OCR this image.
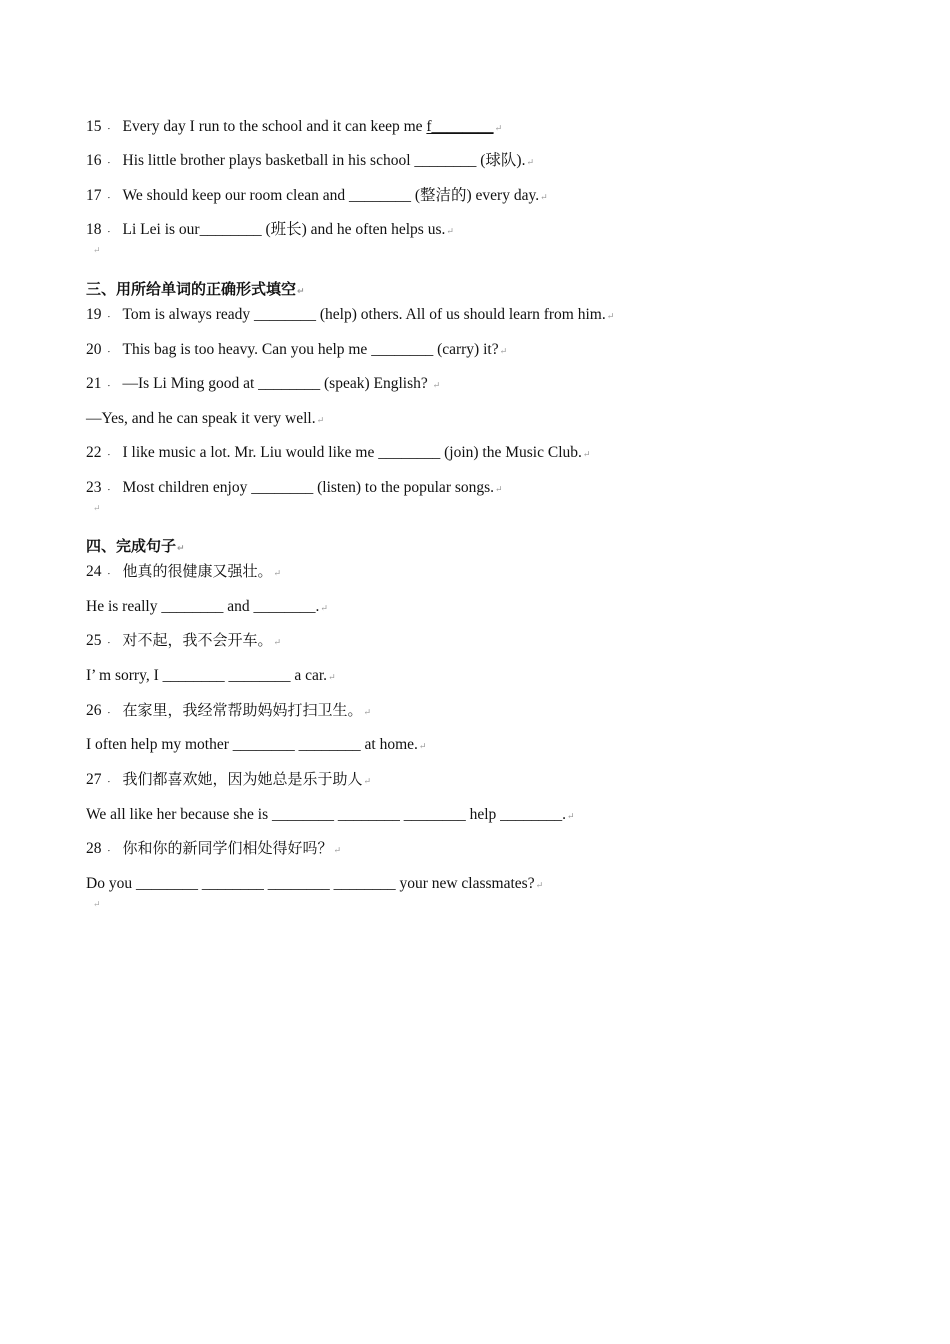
15 ． Every day I run to the school and it can keep me f________↵
16 ． His little brother plays basketball in his school ________ (球队).↵
17 ． We should keep our room clean and ________ (整洁的) every day.↵
18 ． Li Lei is our________ (班长) and he often helps us.↵
↵
三、用所给单词的正确形式填空↵
19 ． Tom is always ready ________ (help) others. All of us should learn from him.↵
20 ． This bag is too heavy. Can you help me ________ (carry) it?↵
21 ． —Is Li Ming good at ________ (speak) English? ↵
—Yes, and he can speak it very well.↵
22 ． I like music a lot. Mr. Liu would like me ________ (join) the Music Club.↵
23 ． Most children enjoy ________ (listen) to the popular songs.↵
↵
四、完成句子↵
24 ． 他真的很健康又强壮。↵
He is really ________ and ________.↵
25 ． 对不起，我不会开车。↵
I’ m sorry, I ________ ________ a car.↵
26 ． 在家里，我经常帮助妈妈打扫卫生。↵
I often help my mother ________ ________ at home.↵
27 ． 我们都喜欢她，因为她总是乐于助人↵
We all like her because she is ________ ________ ________ help ________.↵
28 ． 你和你的新同学们相处得好吗？↵
Do you ________ ________ ________ ________ your new classmates?↵
↵
